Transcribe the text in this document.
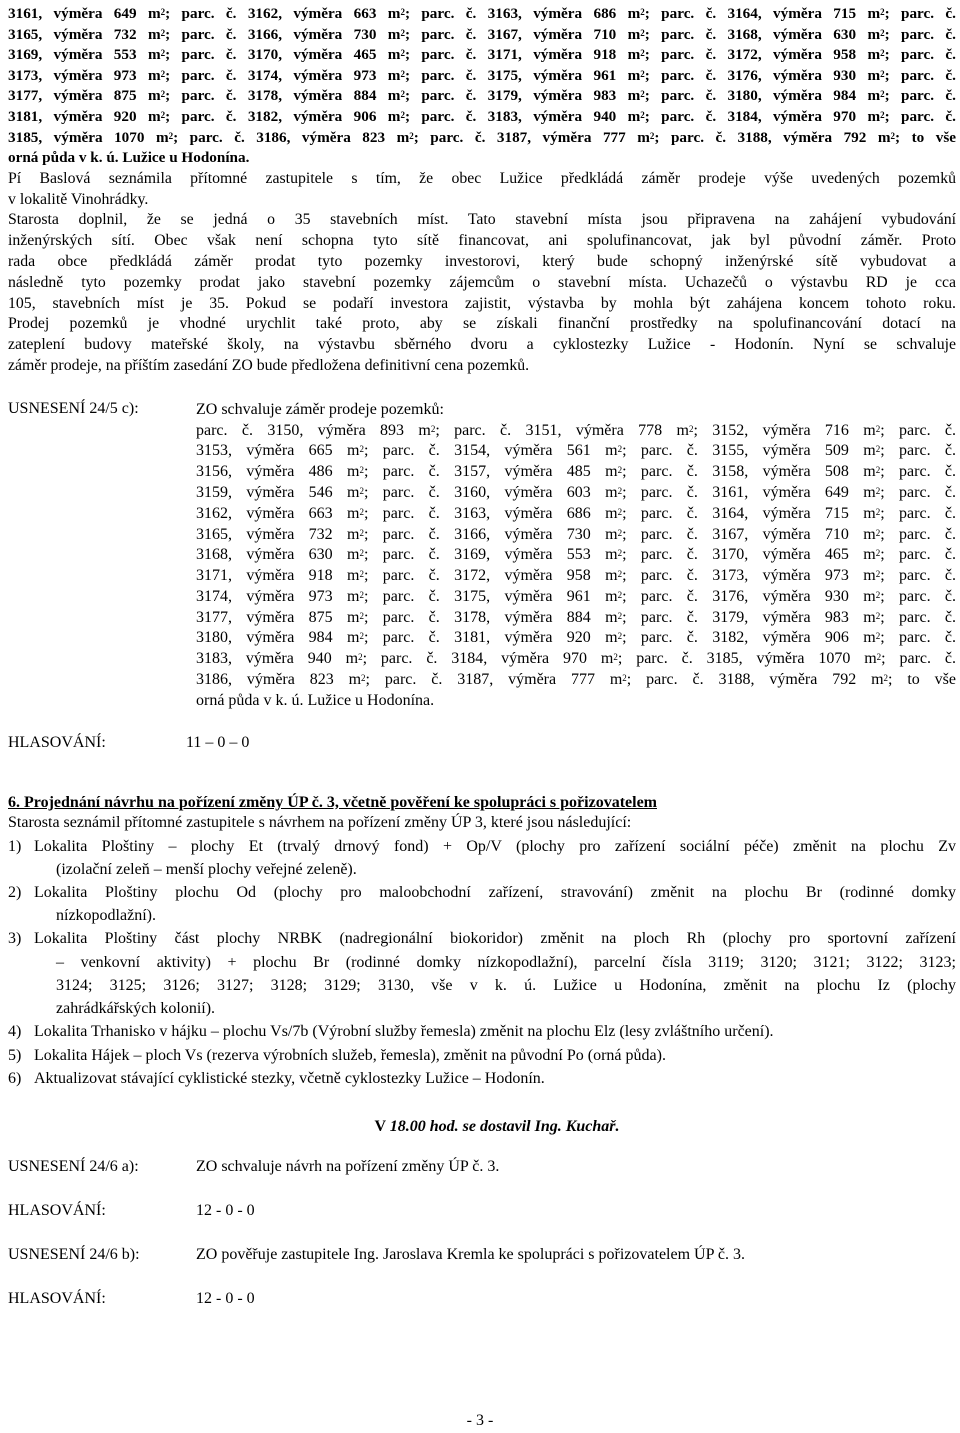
3161, výměra 649 $m^2$; parc. č. 3162, výměra 663 $m^2$; parc. č. 3163, výměra 686 $m^2$; parc. č. 3164, výměra 715 $m^2$; parc. č.
3165, výměra 732 $m^2$; parc. č. 3166, výměra 730 $m^2$; parc. č. 3167, výměra 710 $m^2$; parc. č. 3168, výměra 630 $m^2$; parc. č.
3169, výměra 553 $m^2$; parc. č. 3170, výměra 465 $m^2$; parc. č. 3171, výměra 918 $m^2$; parc. č. 3172, výměra 958 $m^2$; parc. č.
3173, výměra 973 $m^2$; parc. č. 3174, výměra 973 $m^2$; parc. č. 3175, výměra 961 $m^2$; parc. č. 3176, výměra 930 $m^2$; parc. č.
3177, výměra 875 $m^2$; parc. č. 3178, výměra 884 $m^2$; parc. č. 3179, výměra 983 $m^2$; parc. č. 3180, výměra 984 $m^2$; parc. č.
3181, výměra 920 $m^2$; parc. č. 3182, výměra 906 $m^2$; parc. č. 3183, výměra 940 $m^2$; parc. č. 3184, výměra 970 $m^2$; parc. č.
3185, výměra 1070 $m^2$; parc. č. 3186, výměra 823 $m^2$; parc. č. 3187, výměra 777 $m^2$; parc. č. 3188, výměra 792 $m^2$; to vše
orná půda v k. ú. Lužice u Hodonína.
Pí Baslová seznámila přítomné zastupitele s tím, že obec Lužice předkládá záměr prodeje výše uvedených pozemků
v lokalitě Vinohrádky.
Starosta doplnil, že se jedná o 35 stavebních míst. Tato stavební místa jsou připravena na zahájení vybudování
inženýrských sítí. Obec však není schopna tyto sítě financovat, ani spolufinancovat, jak byl původní záměr. Proto
rada obce předkládá záměr prodat tyto pozemky investorovi, který bude schopný inženýrské sítě vybudovat a
následně tyto pozemky prodat jako stavební pozemky zájemcům o stavební místa. Uchazečů o výstavbu RD je cca
105, stavebních míst je 35. Pokud se podaří investora zajistit, výstavba by mohla být zahájena koncem tohoto roku.
Prodej pozemků je vhodné urychlit také proto, aby se získali finanční prostředky na spolufinancování dotací na
zateplení budovy mateřské školy, na výstavbu sběrného dvoru a cyklostezky Lužice - Hodonín. Nyní se schvaluje
záměr prodeje, na příštím zasedání ZO bude předložena definitivní cena pozemků.
USNESENÍ 24/5 c):	ZO schvaluje záměr prodeje pozemků:
parc. č. 3150, výměra 893 $m^2$; parc. č. 3151, výměra 778 $m^2$; 3152, výměra 716 $m^2$; parc. č.
3153, výměra 665 $m^2$; parc. č. 3154, výměra 561 $m^2$; parc. č. 3155, výměra 509 $m^2$; parc. č.
3156, výměra 486 $m^2$; parc. č. 3157, výměra 485 $m^2$; parc. č. 3158, výměra 508 $m^2$; parc. č.
3159, výměra 546 $m^2$; parc. č. 3160, výměra 603 $m^2$; parc. č. 3161, výměra 649 $m^2$; parc. č.
3162, výměra 663 $m^2$; parc. č. 3163, výměra 686 $m^2$; parc. č. 3164, výměra 715 $m^2$; parc. č.
3165, výměra 732 $m^2$; parc. č. 3166, výměra 730 $m^2$; parc. č. 3167, výměra 710 $m^2$; parc. č.
3168, výměra 630 $m^2$; parc. č. 3169, výměra 553 $m^2$; parc. č. 3170, výměra 465 $m^2$; parc. č.
3171, výměra 918 $m^2$; parc. č. 3172, výměra 958 $m^2$; parc. č. 3173, výměra 973 $m^2$; parc. č.
3174, výměra 973 $m^2$; parc. č. 3175, výměra 961 $m^2$; parc. č. 3176, výměra 930 $m^2$; parc. č.
3177, výměra 875 $m^2$; parc. č. 3178, výměra 884 $m^2$; parc. č. 3179, výměra 983 $m^2$; parc. č.
3180, výměra 984 $m^2$; parc. č. 3181, výměra 920 $m^2$; parc. č. 3182, výměra 906 $m^2$; parc. č.
3183, výměra 940 $m^2$; parc. č. 3184, výměra 970 $m^2$; parc. č. 3185, výměra 1070 $m^2$; parc. č.
3186, výměra 823 $m^2$; parc. č. 3187, výměra 777 $m^2$; parc. č. 3188, výměra 792 $m^2$; to vše
orná půda v k. ú. Lužice u Hodonína.
HLASOVÁNÍ:	11 – 0 – 0
6. Projednání návrhu na pořízení změny ÚP č. 3, včetně pověření ke spolupráci s pořizovatelem
Starosta seznámil přítomné zastupitele s návrhem na pořízení změny ÚP 3, které jsou následující:
1) Lokalita Ploštiny – plochy Et (trvalý drnový fond) + Op/V (plochy pro zařízení sociální péče) změnit na plochu Zv
(izolační zeleň – menší plochy veřejné zeleně).
2) Lokalita Ploštiny plochu Od (plochy pro maloobchodní zařízení, stravování) změnit na plochu Br (rodinné domky
nízkopodlažní).
3) Lokalita Ploštiny část plochy NRBK (nadregionální biokoridor) změnit na ploch Rh (plochy pro sportovní zařízení
– venkovní aktivity) + plochu Br (rodinné domky nízkopodlažní), parcelní čísla 3119; 3120; 3121; 3122; 3123;
3124; 3125; 3126; 3127; 3128; 3129; 3130, vše v k. ú. Lužice u Hodonína, změnit na plochu Iz (plochy
zahrádkářských kolonií).
4) Lokalita Trhanisko v hájku – plochu Vs/7b (Výrobní služby řemesla) změnit na plochu Elz (lesy zvláštního určení).
5) Lokalita Hájek – ploch Vs (rezerva výrobních služeb, řemesla), změnit na původní Po (orná půda).
6) Aktualizovat stávající cyklistické stezky, včetně cyklostezky Lužice – Hodonín.
V 18.00 hod. se dostavil Ing. Kuchař.
USNESENÍ 24/6 a):	ZO schvaluje návrh na pořízení změny ÚP č. 3.
HLASOVÁNÍ:	12 - 0 - 0
USNESENÍ 24/6 b):	ZO pověřuje zastupitele Ing. Jaroslava Kremla ke spolupráci s pořizovatelem ÚP č. 3.
HLASOVÁNÍ:	12 - 0 - 0
- 3 -
